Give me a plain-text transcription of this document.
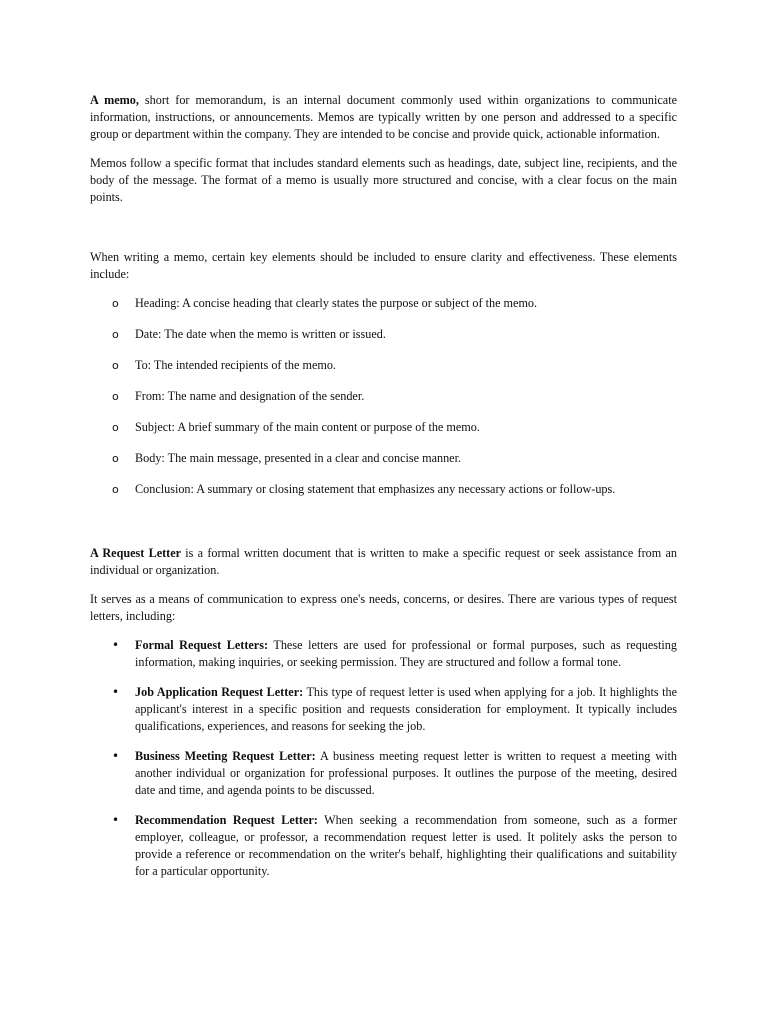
A memo, short for memorandum, is an internal document commonly used within organizations to communicate information, instructions, or announcements. Memos are typically written by one person and addressed to a specific group or department within the company. They are intended to be concise and provide quick, actionable information.

Memos follow a specific format that includes standard elements such as headings, date, subject line, recipients, and the body of the message. The format of a memo is usually more structured and concise, with a clear focus on the main points.

When writing a memo, certain key elements should be included to ensure clarity and effectiveness. These elements include:

o Heading: A concise heading that clearly states the purpose or subject of the memo.
o Date: The date when the memo is written or issued.
o To: The intended recipients of the memo.
o From: The name and designation of the sender.
o Subject: A brief summary of the main content or purpose of the memo.
o Body: The main message, presented in a clear and concise manner.
o Conclusion: A summary or closing statement that emphasizes any necessary actions or follow-ups.

A Request Letter is a formal written document that is written to make a specific request or seek assistance from an individual or organization.

It serves as a means of communication to express one's needs, concerns, or desires. There are various types of request letters, including:

• Formal Request Letters: These letters are used for professional or formal purposes, such as requesting information, making inquiries, or seeking permission. They are structured and follow a formal tone.
• Job Application Request Letter: This type of request letter is used when applying for a job. It highlights the applicant's interest in a specific position and requests consideration for employment. It typically includes qualifications, experiences, and reasons for seeking the job.
• Business Meeting Request Letter: A business meeting request letter is written to request a meeting with another individual or organization for professional purposes. It outlines the purpose of the meeting, desired date and time, and agenda points to be discussed.
• Recommendation Request Letter: When seeking a recommendation from someone, such as a former employer, colleague, or professor, a recommendation request letter is used. It politely asks the person to provide a reference or recommendation on the writer's behalf, highlighting their qualifications and suitability for a particular opportunity.
